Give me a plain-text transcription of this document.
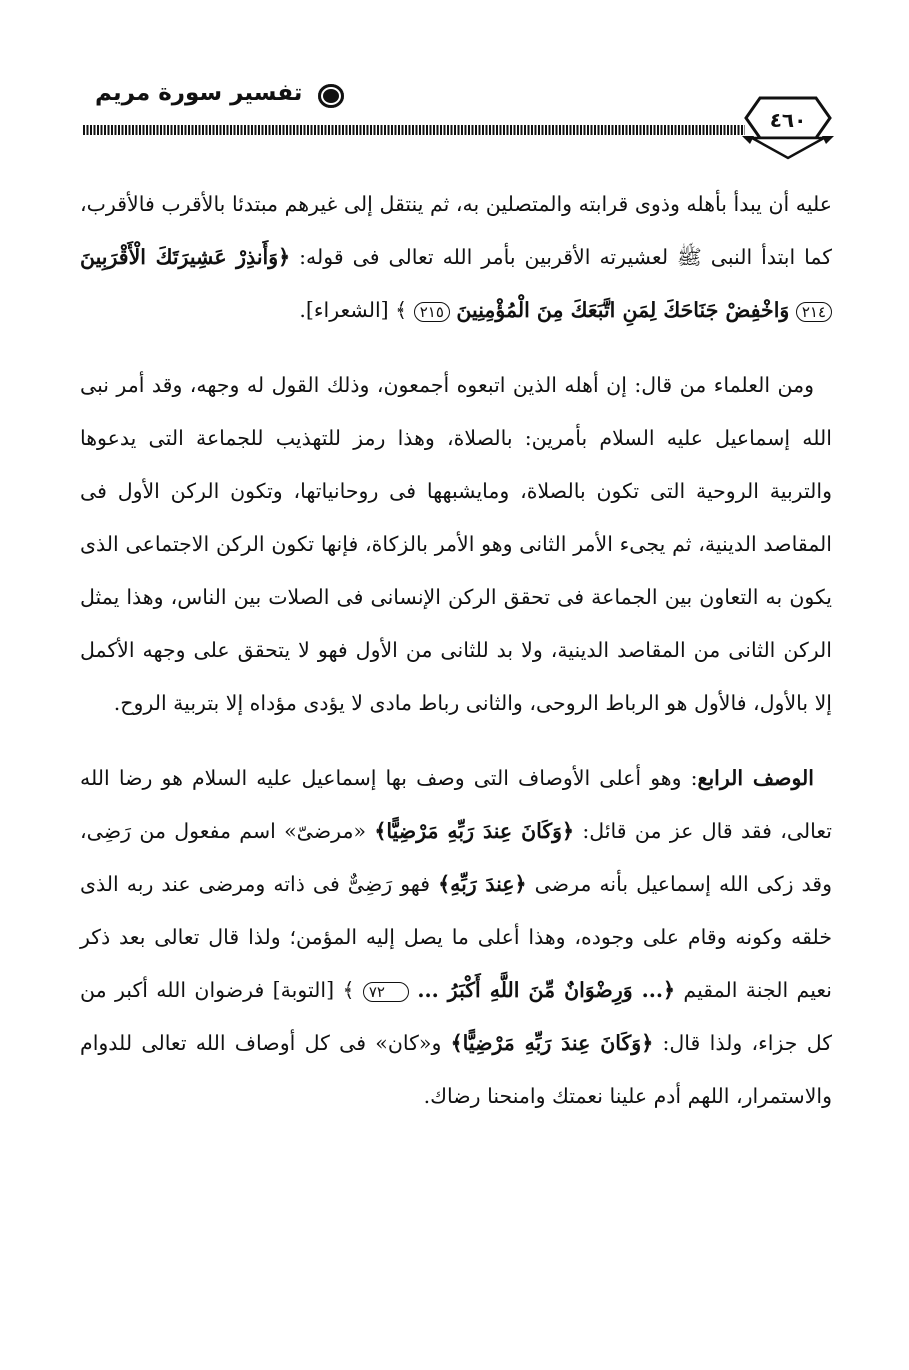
تفسير سورة مريم
٤٦٠

عليه أن يبدأ بأهله وذوى قرابته والمتصلين به، ثم ينتقل إلى غيرهم مبتدئا بالأقرب فالأقرب، كما ابتدأ النبى ﷺ لعشيرته الأقربين بأمر الله تعالى فى قوله: ﴿وَأَنذِرْ عَشِيرَتَكَ الْأَقْرَبِينَ ٢١٤ وَاخْفِضْ جَنَاحَكَ لِمَنِ اتَّبَعَكَ مِنَ الْمُؤْمِنِينَ ٢١٥ ﴾ [الشعراء].

ومن العلماء من قال: إن أهله الذين اتبعوه أجمعون، وذلك القول له وجهه، وقد أمر نبى الله إسماعيل عليه السلام بأمرين: بالصلاة، وهذا رمز للتهذيب للجماعة التى يدعوها والتربية الروحية التى تكون بالصلاة، ومايشبهها فى روحانياتها، وتكون الركن الأول فى المقاصد الدينية، ثم يجىء الأمر الثانى وهو الأمر بالزكاة، فإنها تكون الركن الاجتماعى الذى يكون به التعاون بين الجماعة فى تحقق الركن الإنسانى فى الصلات بين الناس، وهذا يمثل الركن الثانى من المقاصد الدينية، ولا بد للثانى من الأول فهو لا يتحقق على وجهه الأكمل إلا بالأول، فالأول هو الرباط الروحى، والثانى رباط مادى لا يؤدى مؤداه إلا بتربية الروح.

الوصف الرابع: وهو أعلى الأوصاف التى وصف بها إسماعيل عليه السلام هو رضا الله تعالى، فقد قال عز من قائل: ﴿وَكَانَ عِندَ رَبِّهِ مَرْضِيًّا﴾ «مرضىّ» اسم مفعول من رَضِى، وقد زكى الله إسماعيل بأنه مرضى ﴿عِندَ رَبِّهِ﴾ فهو رَضِىٌّ فى ذاته ومرضى عند ربه الذى خلقه وكونه وقام على وجوده، وهذا أعلى ما يصل إليه المؤمن؛ ولذا قال تعالى بعد ذكر نعيم الجنة المقيم ﴿... وَرِضْوَانٌ مِّنَ اللَّهِ أَكْبَرُ ... ٧٢ ﴾ [التوبة] فرضوان الله أكبر من كل جزاء، ولذا قال: ﴿وَكَانَ عِندَ رَبِّهِ مَرْضِيًّا﴾ و«كان» فى كل أوصاف الله تعالى للدوام والاستمرار، اللهم أدم علينا نعمتك وامنحنا رضاك.
